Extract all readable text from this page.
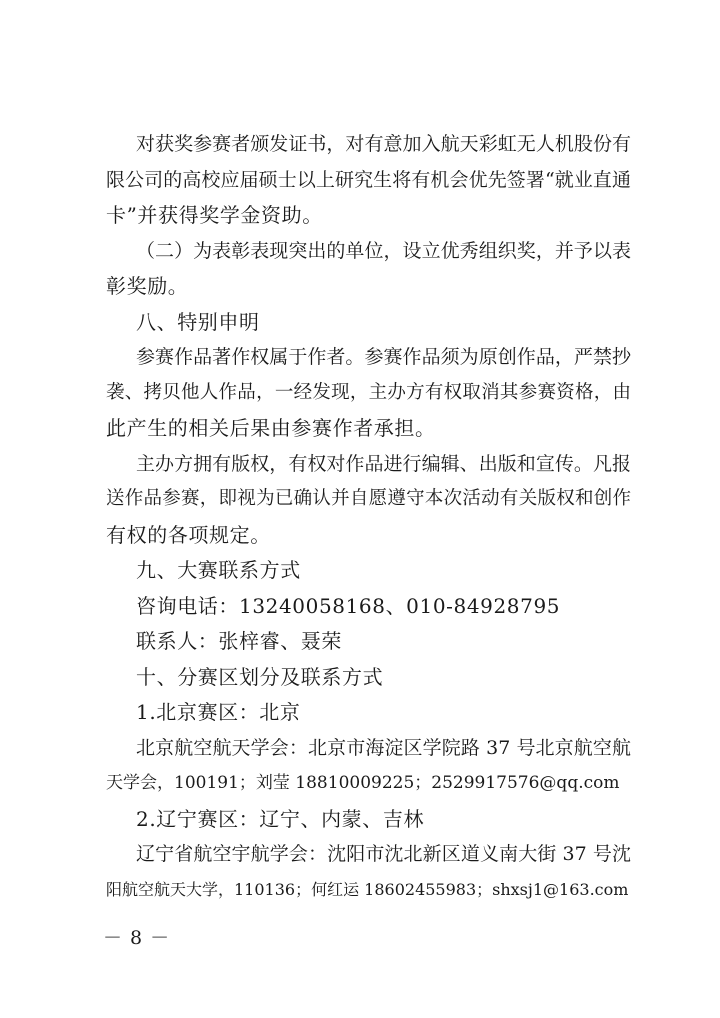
对获奖参赛者颁发证书，对有意加入航天彩虹无人机股份有
限公司的高校应届硕士以上研究生将有机会优先签署“就业直通
卡”并获得奖学金资助。
（二）为表彰表现突出的单位，设立优秀组织奖，并予以表
彰奖励。
八、特别申明
参赛作品著作权属于作者。参赛作品须为原创作品，严禁抄
袭、拷贝他人作品，一经发现，主办方有权取消其参赛资格，由
此产生的相关后果由参赛作者承担。
主办方拥有版权，有权对作品进行编辑、出版和宣传。凡报
送作品参赛，即视为已确认并自愿遵守本次活动有关版权和创作
有权的各项规定。
九、大赛联系方式
咨询电话：13240058168、010-84928795
联系人：张梓睿、聂荣
十、分赛区划分及联系方式
1.北京赛区：北京
北京航空航天学会：北京市海淀区学院路 37 号北京航空航
天学会，100191；刘莹 18810009225；2529917576@qq.com
2.辽宁赛区：辽宁、内蒙、吉林
辽宁省航空宇航学会：沈阳市沈北新区道义南大街 37 号沈
阳航空航天大学，110136；何红运 18602455983；shxsj1@163.com
－ 8 －
